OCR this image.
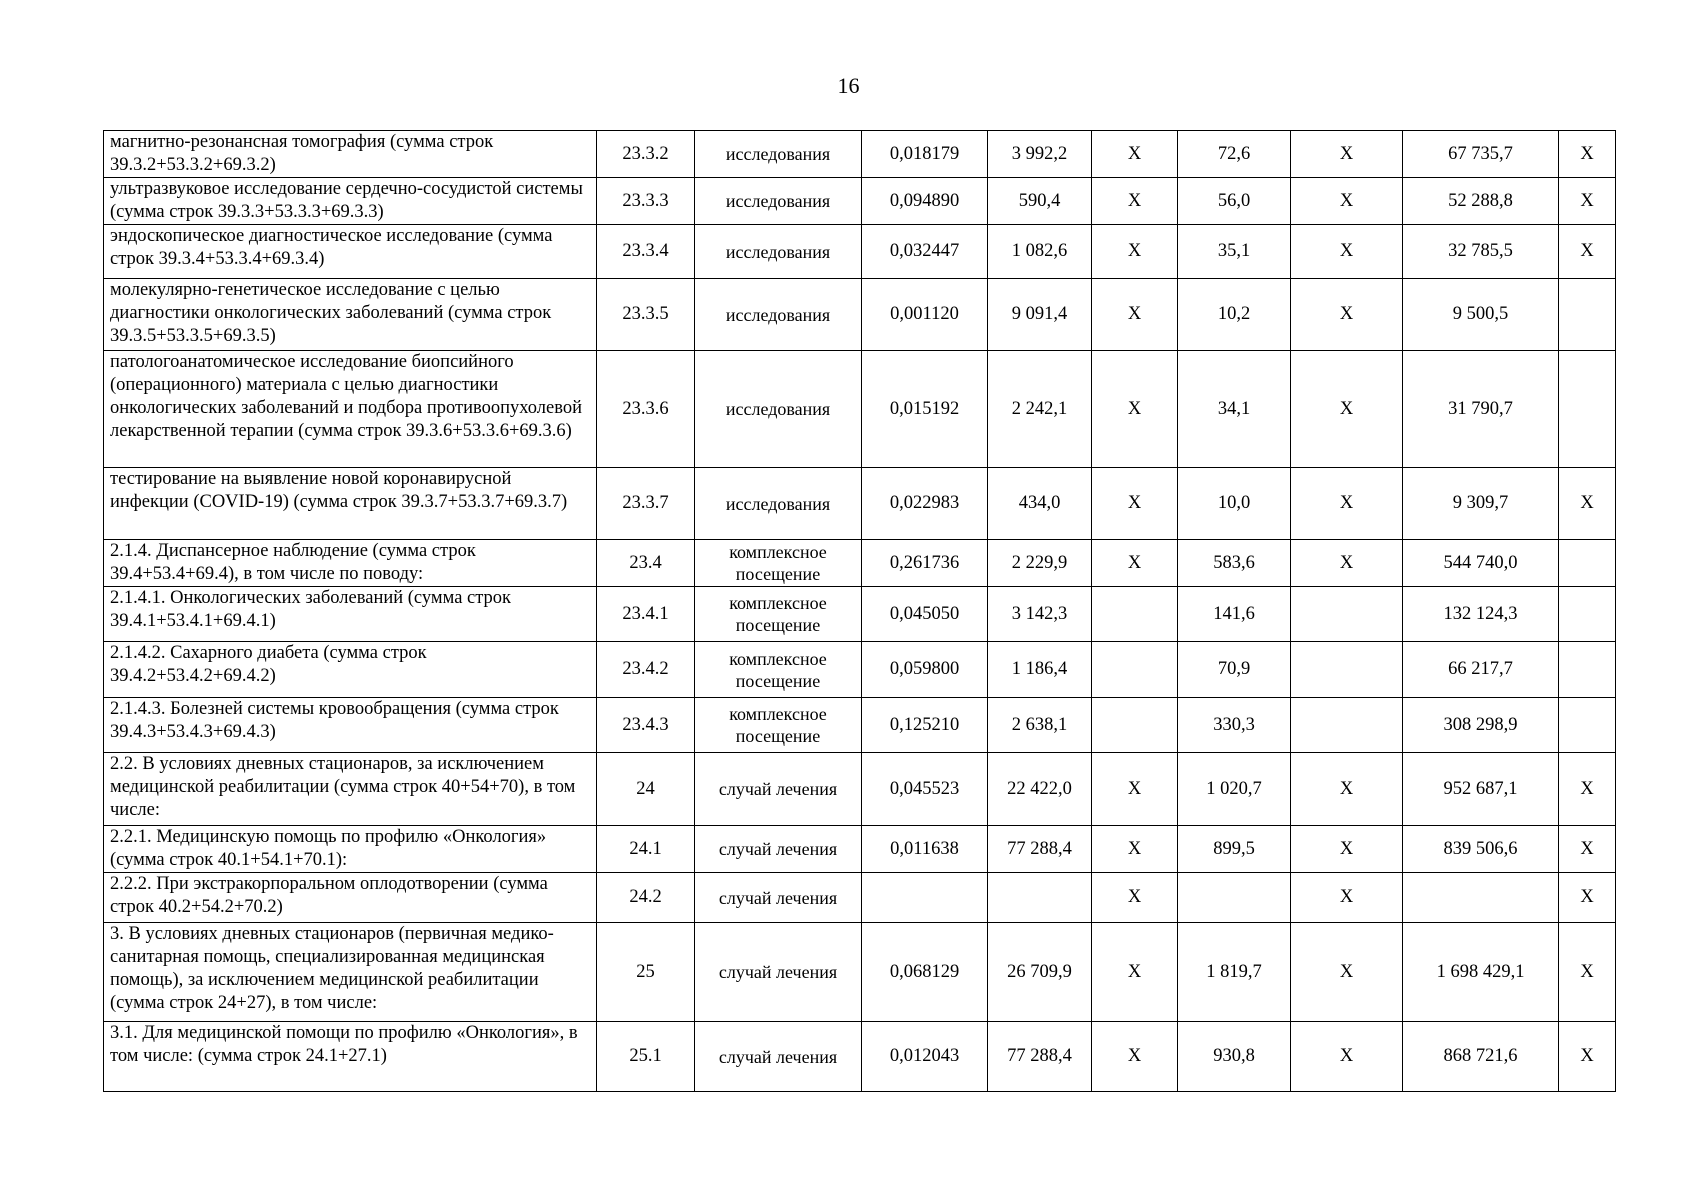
16
магнитно-резонансная томография (сумма строк 39.3.2+53.3.2+69.3.2)	23.3.2	исследования	0,018179	3 992,2	X	72,6	X	67 735,7	X
ультразвуковое исследование сердечно-сосудистой системы (сумма строк 39.3.3+53.3.3+69.3.3)	23.3.3	исследования	0,094890	590,4	X	56,0	X	52 288,8	X
эндоскопическое диагностическое исследование (сумма строк 39.3.4+53.3.4+69.3.4)	23.3.4	исследования	0,032447	1 082,6	X	35,1	X	32 785,5	X
молекулярно-генетическое исследование с целью диагностики онкологических заболеваний (сумма строк 39.3.5+53.3.5+69.3.5)	23.3.5	исследования	0,001120	9 091,4	X	10,2	X	9 500,5	
патологоанатомическое исследование биопсийного (операционного) материала с целью диагностики онкологических заболеваний и подбора противоопухолевой лекарственной терапии (сумма строк 39.3.6+53.3.6+69.3.6)	23.3.6	исследования	0,015192	2 242,1	X	34,1	X	31 790,7	
тестирование на выявление новой коронавирусной инфекции (COVID-19) (сумма строк 39.3.7+53.3.7+69.3.7)	23.3.7	исследования	0,022983	434,0	X	10,0	X	9 309,7	X
2.1.4. Диспансерное наблюдение (сумма строк 39.4+53.4+69.4), в том числе по поводу:	23.4	комплексное посещение	0,261736	2 229,9	X	583,6	X	544 740,0	
2.1.4.1. Онкологических заболеваний (сумма строк 39.4.1+53.4.1+69.4.1)	23.4.1	комплексное посещение	0,045050	3 142,3		141,6		132 124,3	
2.1.4.2. Сахарного диабета (сумма строк 39.4.2+53.4.2+69.4.2)	23.4.2	комплексное посещение	0,059800	1 186,4		70,9		66 217,7	
2.1.4.3. Болезней системы кровообращения (сумма строк 39.4.3+53.4.3+69.4.3)	23.4.3	комплексное посещение	0,125210	2 638,1		330,3		308 298,9	
2.2. В условиях дневных стационаров, за исключением медицинской реабилитации (сумма строк 40+54+70), в том числе:	24	случай лечения	0,045523	22 422,0	X	1 020,7	X	952 687,1	X
2.2.1. Медицинскую помощь по профилю «Онкология» (сумма строк 40.1+54.1+70.1):	24.1	случай лечения	0,011638	77 288,4	X	899,5	X	839 506,6	X
2.2.2. При экстракорпоральном оплодотворении (сумма строк 40.2+54.2+70.2)	24.2	случай лечения			X		X		X
3. В условиях дневных стационаров (первичная медико-санитарная помощь, специализированная медицинская помощь), за исключением медицинской реабилитации (сумма строк 24+27), в том числе:	25	случай лечения	0,068129	26 709,9	X	1 819,7	X	1 698 429,1	X
3.1. Для медицинской помощи по профилю «Онкология», в том числе: (сумма строк 24.1+27.1)	25.1	случай лечения	0,012043	77 288,4	X	930,8	X	868 721,6	X
